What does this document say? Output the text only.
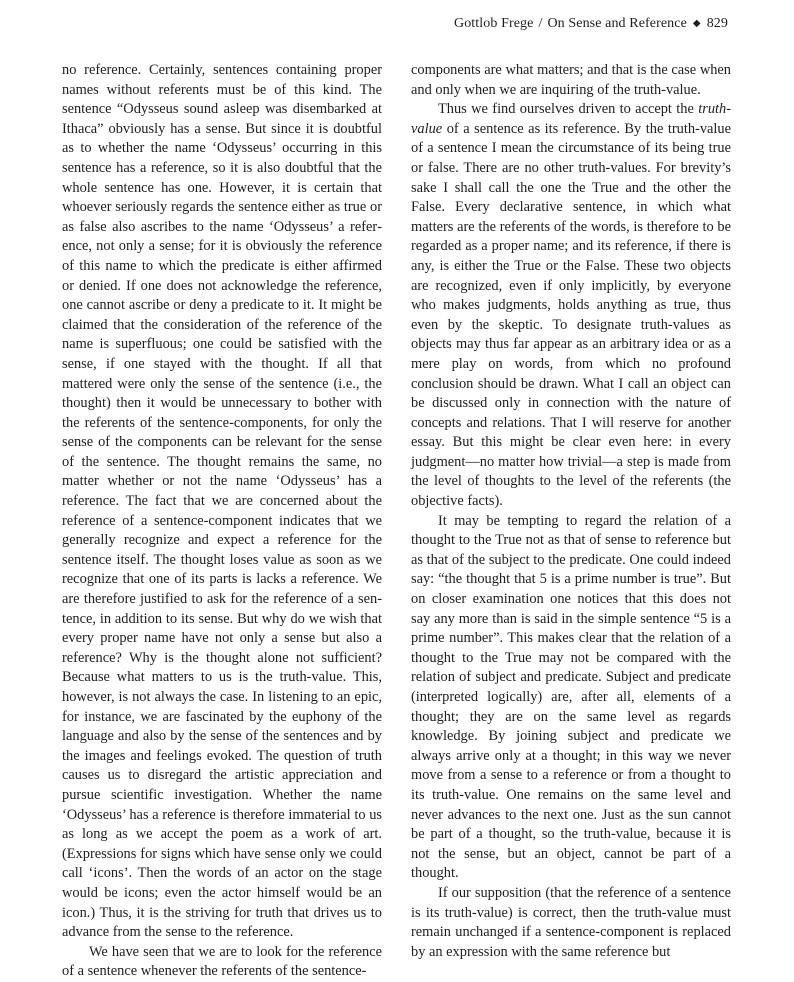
Gottlob Frege / On Sense and Reference ◆ 829

no reference. Certainly, sentences containing proper names without referents must be of this kind. The sentence “Odysseus sound asleep was disembarked at Ithaca” obviously has a sense. But since it is doubtful as to whether the name ‘Odysseus’ occurring in this sentence has a reference, so it is also doubtful that the whole sentence has one. However, it is certain that whoever seriously regards the sentence either as true or as false also ascribes to the name ‘Odysseus’ a reference, not only a sense; for it is obviously the reference of this name to which the predicate is either affirmed or denied. If one does not acknowledge the reference, one cannot ascribe or deny a predicate to it. It might be claimed that the consideration of the reference of the name is superfluous; one could be satisfied with the sense, if one stayed with the thought. If all that mattered were only the sense of the sentence (i.e., the thought) then it would be unnecessary to bother with the referents of the sentence-components, for only the sense of the components can be relevant for the sense of the sentence. The thought remains the same, no matter whether or not the name ‘Odysseus’ has a reference. The fact that we are concerned about the reference of a sentence-component indicates that we generally recognize and expect a reference for the sentence itself. The thought loses value as soon as we recognize that one of its parts is lacks a reference. We are therefore justified to ask for the reference of a sentence, in addition to its sense. But why do we wish that every proper name have not only a sense but also a reference? Why is the thought alone not sufficient? Because what matters to us is the truth-value. This, however, is not always the case. In listening to an epic, for instance, we are fascinated by the euphony of the language and also by the sense of the sentences and by the images and feelings evoked. The question of truth causes us to disregard the artistic appreciation and pursue scientific investigation. Whether the name ‘Odysseus’ has a reference is therefore immaterial to us as long as we accept the poem as a work of art. (Expressions for signs which have sense only we could call ‘icons’. Then the words of an actor on the stage would be icons; even the actor himself would be an icon.) Thus, it is the striving for truth that drives us to advance from the sense to the reference.

We have seen that we are to look for the reference of a sentence whenever the referents of the sentence-

components are what matters; and that is the case when and only when we are inquiring of the truth-value.

Thus we find ourselves driven to accept the truth-value of a sentence as its reference. By the truth-value of a sentence I mean the circumstance of its being true or false. There are no other truth-values. For brevity’s sake I shall call the one the True and the other the False. Every declarative sentence, in which what matters are the referents of the words, is therefore to be regarded as a proper name; and its reference, if there is any, is either the True or the False. These two objects are recognized, even if only implicitly, by everyone who makes judgments, holds anything as true, thus even by the skeptic. To designate truth-values as objects may thus far appear as an arbitrary idea or as a mere play on words, from which no profound conclusion should be drawn. What I call an object can be discussed only in connection with the nature of concepts and relations. That I will reserve for another essay. But this might be clear even here: in every judgment—no matter how trivial—a step is made from the level of thoughts to the level of the referents (the objective facts).

It may be tempting to regard the relation of a thought to the True not as that of sense to reference but as that of the subject to the predicate. One could indeed say: “the thought that 5 is a prime number is true”. But on closer examination one notices that this does not say any more than is said in the simple sentence “5 is a prime number”. This makes clear that the relation of a thought to the True may not be compared with the relation of subject and predicate. Subject and predicate (interpreted logically) are, after all, elements of a thought; they are on the same level as regards knowledge. By joining subject and predicate we always arrive only at a thought; in this way we never move from a sense to a reference or from a thought to its truth-value. One remains on the same level and never advances to the next one. Just as the sun cannot be part of a thought, so the truth-value, because it is not the sense, but an object, cannot be part of a thought.

If our supposition (that the reference of a sentence is its truth-value) is correct, then the truth-value must remain unchanged if a sentence-component is replaced by an expression with the same reference but
